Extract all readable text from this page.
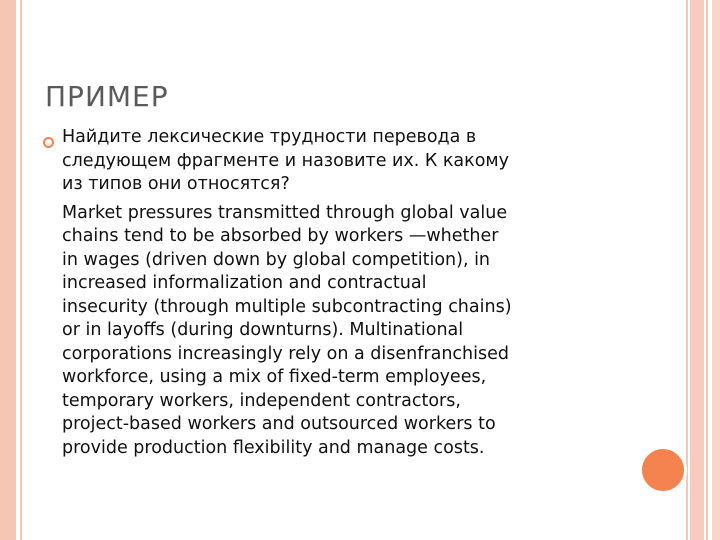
ПРИМЕР

Найдите лексические трудности перевода в

следующем фрагменте и назовите их. К какому

из типов они относятся?

Market pressures transmitted through global value

chains tend to be absorbed by workers —whether

in wages (driven down by global competition), in

increased informalization and contractual

insecurity (through multiple subcontracting chains)

or in layoffs (during downturns). Multinational

corporations increasingly rely on a disenfranchised

workforce, using a mix of fixed-term employees,

temporary workers, independent contractors,

project-based workers and outsourced workers to

provide production flexibility and manage costs.
